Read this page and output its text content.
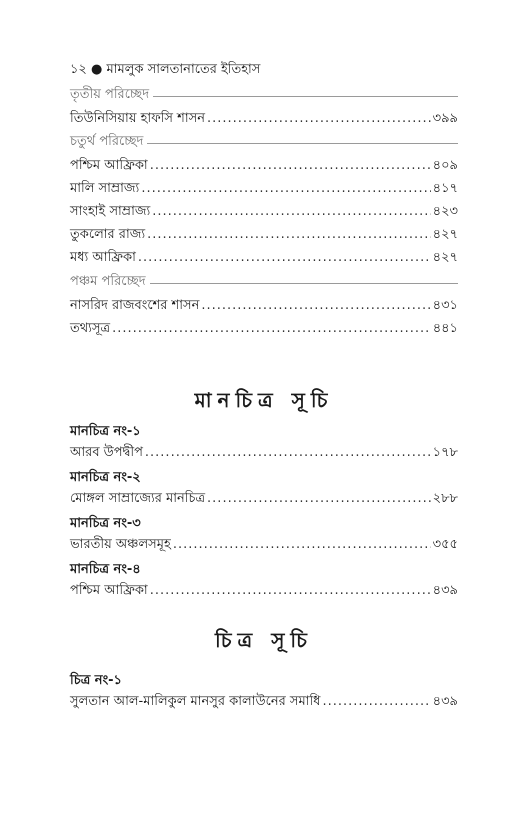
১২ ● মামলুক সালতানাতের ইতিহাস
তৃতীয় পরিচ্ছেদ
তিউনিসিয়ায় হাফসি শাসন .....	৩৯৯
চতুর্থ পরিচ্ছেদ
পশ্চিম আফ্রিকা .....	৪০৯
মালি সাম্রাজ্য .....	৪১৭
সাংহাই সাম্রাজ্য .....	৪২৩
তুকলোর রাজ্য .....	৪২৭
মধ্য আফ্রিকা .....	৪২৭
পঞ্চম পরিচ্ছেদ
নাসরিদ রাজবংশের শাসন .....	৪৩১
তথ্যসূত্র .....	৪৪১
মানচিত্র সূচি
মানচিত্র নং-১
আরব উপদ্বীপ .....	১৭৮
মানচিত্র নং-২
মোঙ্গল সাম্রাজ্যের মানচিত্র .....	২৮৮
মানচিত্র নং-৩
ভারতীয় অঞ্চলসমূহ .....	৩৫৫
মানচিত্র নং-৪
পশ্চিম আফ্রিকা .....	৪৩৯
চিত্র সূচি
চিত্র নং-১
সুলতান আল-মালিকুল মানসুর কালাউনের সমাধি .....	৪৩৯
